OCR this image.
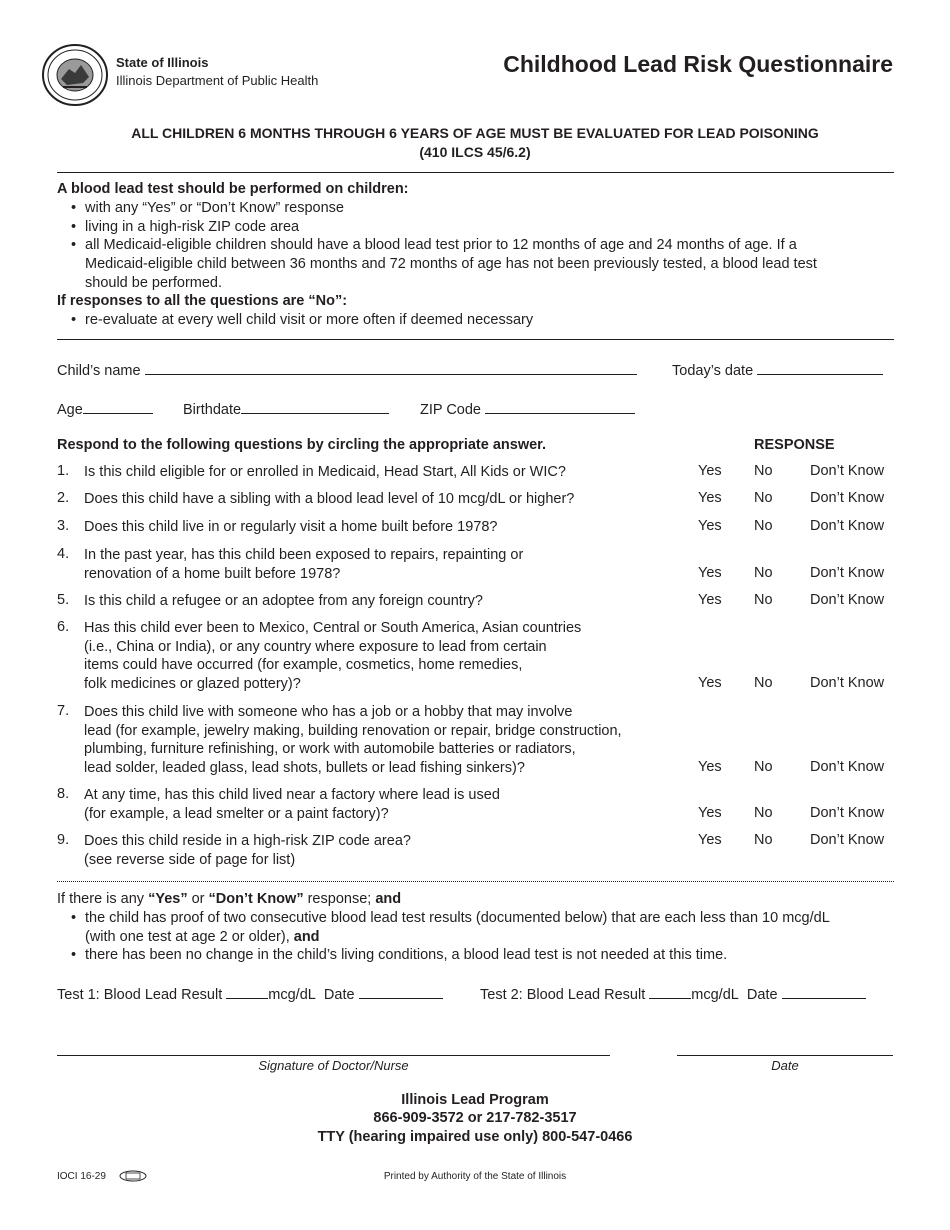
State of Illinois
Illinois Department of Public Health
Childhood Lead Risk Questionnaire
ALL CHILDREN 6 MONTHS THROUGH 6 YEARS OF AGE MUST BE EVALUATED FOR LEAD POISONING
(410 ILCS 45/6.2)
A blood lead test should be performed on children:
• with any “Yes” or “Don’t Know” response
• living in a high-risk ZIP code area
• all Medicaid-eligible children should have a blood lead test prior to 12 months of age and 24 months of age. If a
Medicaid-eligible child between 36 months and 72 months of age has not been previously tested, a blood lead test
should be performed.
If responses to all the questions are “No”:
• re-evaluate at every well child visit or more often if deemed necessary
Child’s name	Today’s date
Age	Birthdate	ZIP Code
Respond to the following questions by circling the appropriate answer.	RESPONSE
1. Is this child eligible for or enrolled in Medicaid, Head Start, All Kids or WIC?	Yes No	Don’t Know
2. Does this child have a sibling with a blood lead level of 10 mcg/dL or higher?	Yes No	Don’t Know
3. Does this child live in or regularly visit a home built before 1978?	Yes No	Don’t Know
4. In the past year, has this child been exposed to repairs, repainting or
renovation of a home built before 1978?	Yes No	Don’t Know
5. Is this child a refugee or an adoptee from any foreign country?	Yes No	Don’t Know
6. Has this child ever been to Mexico, Central or South America, Asian countries
(i.e., China or India), or any country where exposure to lead from certain
items could have occurred (for example, cosmetics, home remedies,
folk medicines or glazed pottery)?	Yes No	Don’t Know
7. Does this child live with someone who has a job or a hobby that may involve
lead (for example, jewelry making, building renovation or repair, bridge construction,
plumbing, furniture refinishing, or work with automobile batteries or radiators,
lead solder, leaded glass, lead shots, bullets or lead fishing sinkers)?	Yes No	Don’t Know
8. At any time, has this child lived near a factory where lead is used
(for example, a lead smelter or a paint factory)?	Yes No	Don’t Know
9. Does this child reside in a high-risk ZIP code area?
(see reverse side of page for list)
Yes No	Don’t Know
If there is any “Yes” or “Don’t Know” response; and
• the child has proof of two consecutive blood lead test results (documented below) that are each less than 10 mcg/dL
(with one test at age 2 or older), and
• there has been no change in the child’s living conditions, a blood lead test is not needed at this time.
Test 1: Blood Lead Result	mcg/dL Date	Test 2: Blood Lead Result	mcg/dL Date
Signature of Doctor/Nurse	Date
Illinois Lead Program
866-909-3572 or 217-782-3517
TTY (hearing impaired use only) 800-547-0466
IOCI 16-29	Printed by Authority of the State of Illinois
